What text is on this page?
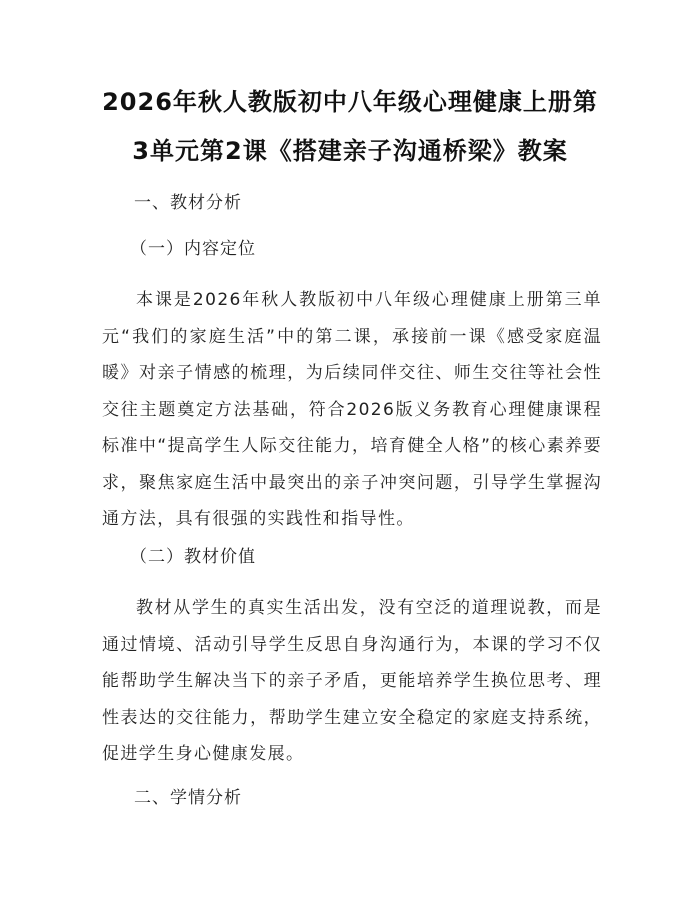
2026年秋人教版初中八年级心理健康上册第
3单元第2课《搭建亲子沟通桥梁》教案
一、教材分析
（一）内容定位
本课是2026年秋人教版初中八年级心理健康上册第三单元“我们的家庭生活”中的第二课，承接前一课《感受家庭温暖》对亲子情感的梳理，为后续同伴交往、师生交往等社会性交往主题奠定方法基础，符合2026版义务教育心理健康课程标准中“提高学生人际交往能力，培育健全人格”的核心素养要求，聚焦家庭生活中最突出的亲子冲突问题，引导学生掌握沟通方法，具有很强的实践性和指导性。
（二）教材价值
教材从学生的真实生活出发，没有空泛的道理说教，而是通过情境、活动引导学生反思自身沟通行为，本课的学习不仅能帮助学生解决当下的亲子矛盾，更能培养学生换位思考、理性表达的交往能力，帮助学生建立安全稳定的家庭支持系统，促进学生身心健康发展。
二、学情分析
